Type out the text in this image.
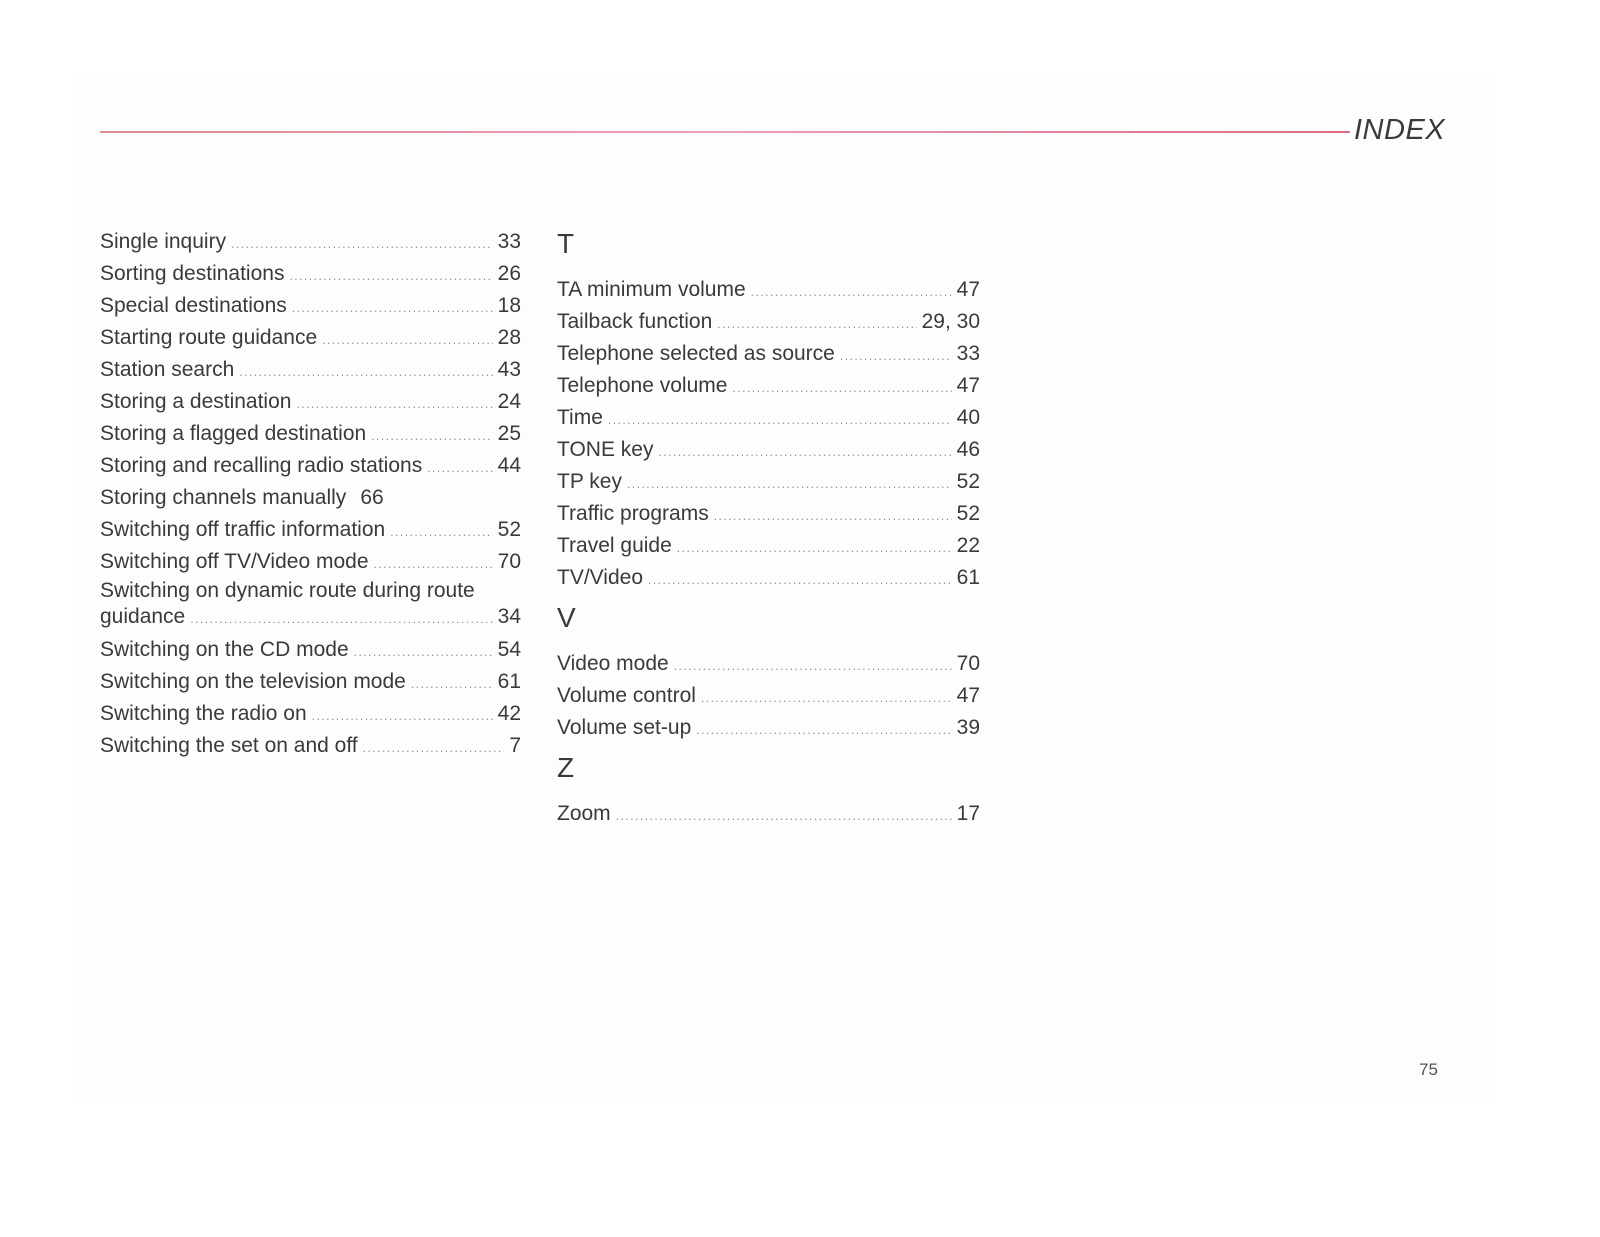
INDEX
Single inquiry .....	33
Sorting destinations .....	26
Special destinations .....	18
Starting route guidance .....	28
Station search .....	43
Storing a destination .....	24
Storing a flagged destination .....	25
Storing and recalling radio stations .....	44
Storing channels manually 66
Switching off traffic information .....	52
Switching off TV/Video mode .....	70
Switching on dynamic route during route
guidance .....	34
Switching on the CD mode .....	54
Switching on the television mode .....	61
Switching the radio on .....	42
Switching the set on and off .....	7
T
TA minimum volume .....	47
Tailback function .....	29, 30
Telephone selected as source .....	33
Telephone volume .....	47
Time .....	40
TONE key .....	46
TP key .....	52
Traffic programs .....	52
Travel guide .....	22
TV/Video .....	61
V
Video mode .....	70
Volume control .....	47
Volume set-up .....	39
Z
Zoom .....	17
75
